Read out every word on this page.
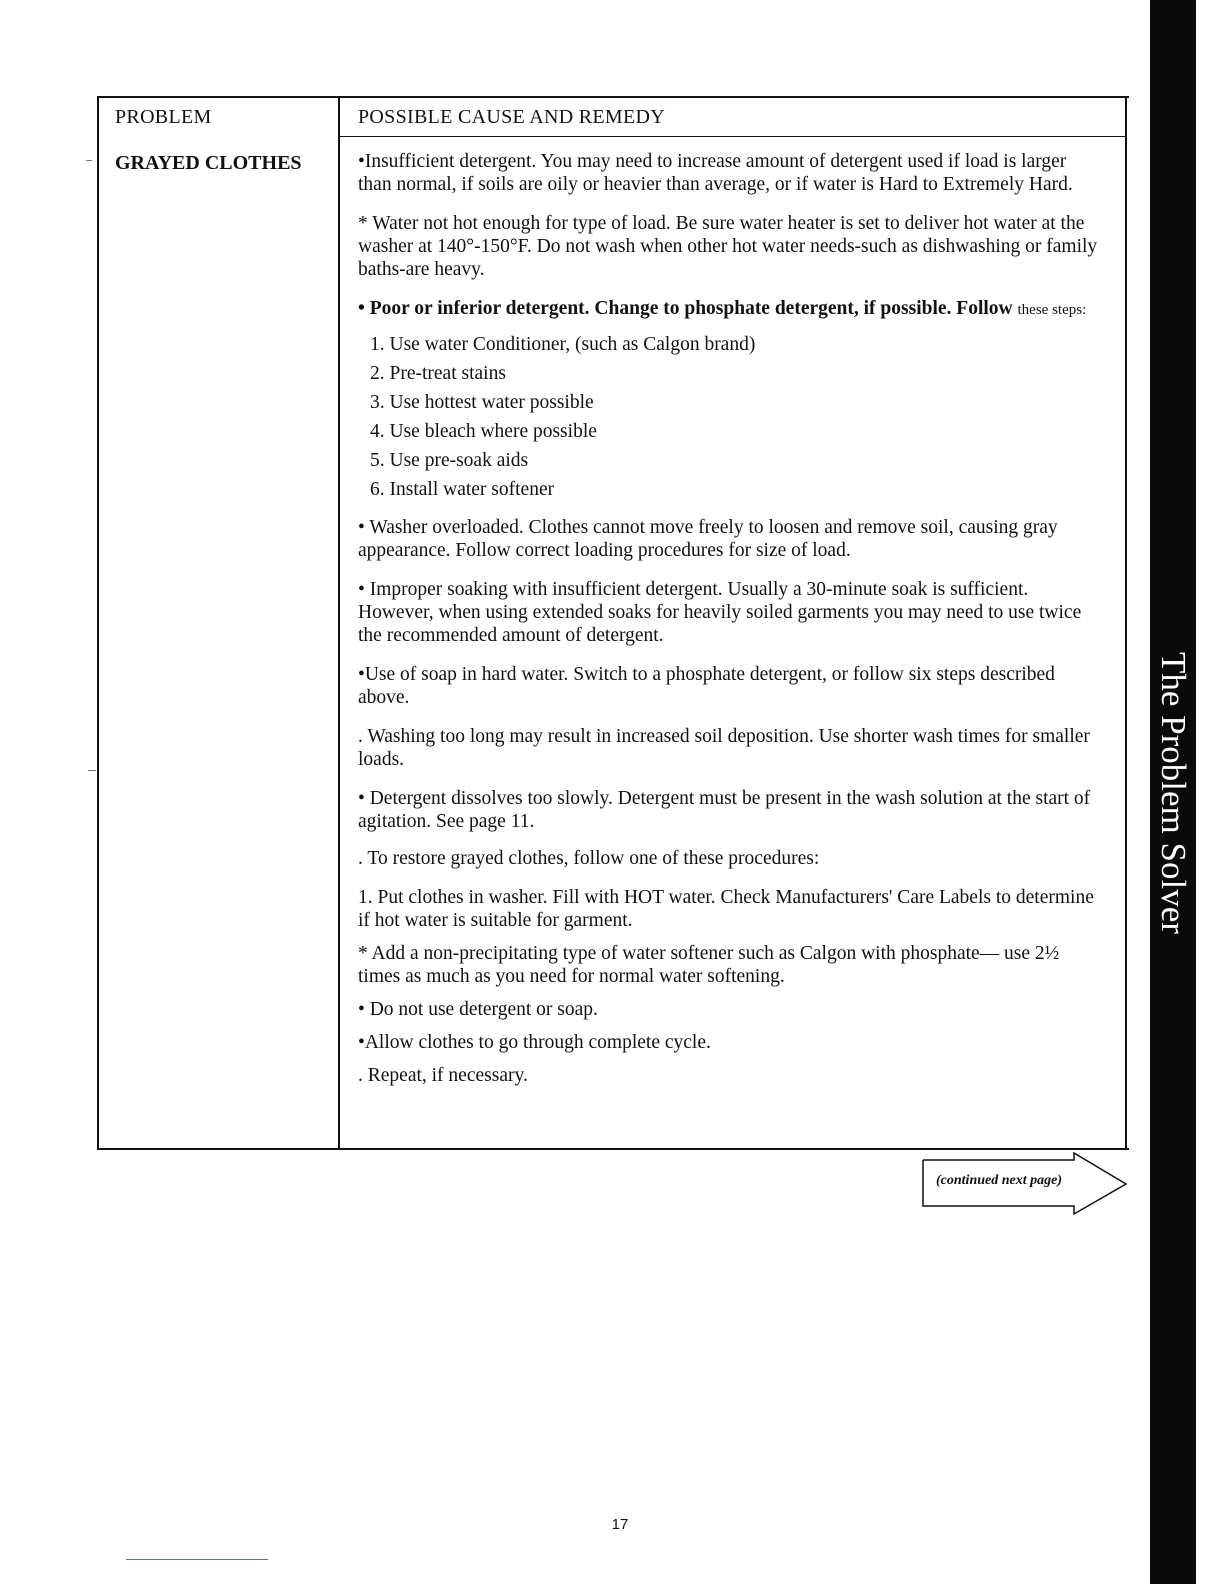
The Problem Solver
PROBLEM	POSSIBLE CAUSE AND REMEDY
GRAYED CLOTHES	•Insufficient detergent. You may need to increase amount of detergent used if load is larger than normal, if soils are oily or heavier than average, or if water is Hard to Extremely Hard.

* Water not hot enough for type of load. Be sure water heater is set to deliver hot water at the washer at 140°-150°F. Do not wash when other hot water needs-such as dishwashing or family baths-are heavy.

• Poor or inferior detergent. Change to phosphate detergent, if possible. Follow these steps:

1. Use water Conditioner, (such as Calgon brand)
2. Pre-treat stains
3. Use hottest water possible
4. Use bleach where possible
5. Use pre-soak aids
6. Install water softener

• Washer overloaded. Clothes cannot move freely to loosen and remove soil, causing gray appearance. Follow correct loading procedures for size of load.

• Improper soaking with insufficient detergent. Usually a 30-minute soak is sufficient. However, when using extended soaks for heavily soiled garments you may need to use twice the recommended amount of detergent.

•Use of soap in hard water. Switch to a phosphate detergent, or follow six steps described above.

. Washing too long may result in increased soil deposition. Use shorter wash times for smaller loads.

• Detergent dissolves too slowly. Detergent must be present in the wash solution at the start of agitation. See page 11.

. To restore grayed clothes, follow one of these procedures:

1. Put clothes in washer. Fill with HOT water. Check Manufacturers' Care Labels to determine if hot water is suitable for garment.

* Add a non-precipitating type of water softener such as Calgon with phosphate— use 2½ times as much as you need for normal water softening.

• Do not use detergent or soap.

•Allow clothes to go through complete cycle.

. Repeat, if necessary.

(continued next page)
17
